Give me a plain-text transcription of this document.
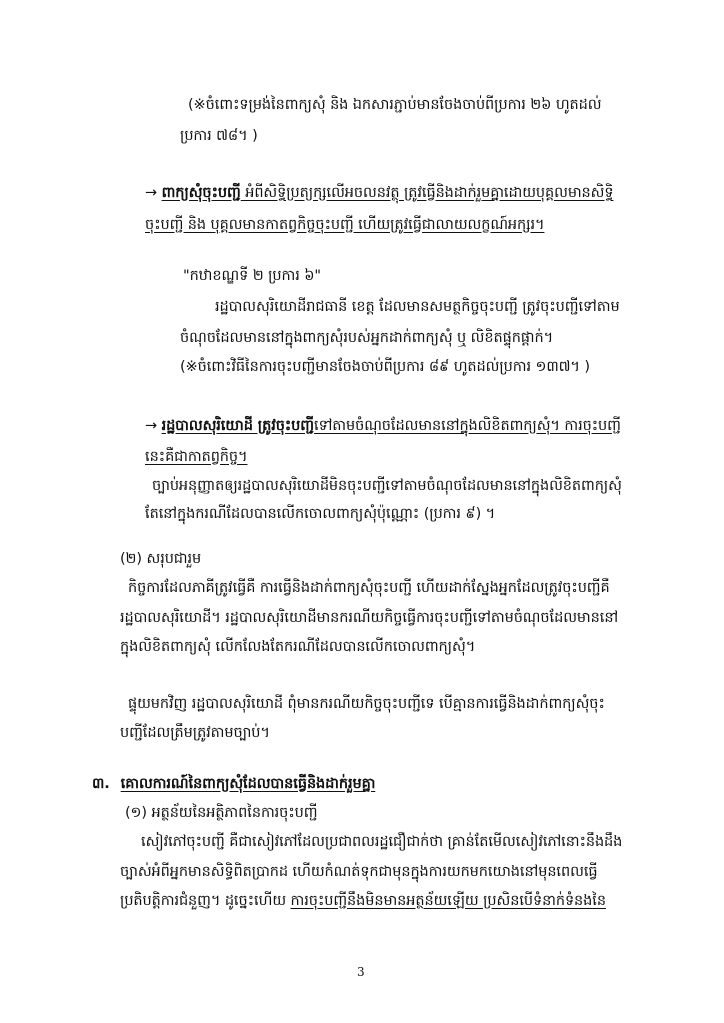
(※ចំពោះទម្រង់នៃពាក្យសុំ និង ឯកសារភ្ជាប់មានចែងចាប់ពីប្រការ ២៦ ហូតដល់
ប្រការ ៧៨។ )
→ ពាក្យសុំចុះបញ្ជី អំពីសិទ្ធិប្រត្យក្សលើអចលនវត្ថុ ត្រូវធ្វើនិងដាក់រួមគ្នាដោយបុគ្គលមានសិទ្ធិ
ចុះបញ្ជី និង បុគ្គលមានកាតព្វកិច្ចចុះបញ្ជី ហើយត្រូវធ្វើជាលាយលក្ខណ៍អក្សរ។
"កឋាខណ្ឌទី ២ ប្រការ ៦"
រដ្ឋបាលសុរិយោដីរាជធានី ខេត្ត ដែលមានសមត្ថកិច្ចចុះបញ្ជី ត្រូវចុះបញ្ជីទៅតាម
ចំណុចដែលមាននៅក្នុងពាក្យសុំរបស់អ្នកដាក់ពាក្យសុំ ឬ លិខិតផ្ទុកផ្តាក់។
(※ចំពោះវិធីនៃការចុះបញ្ជីមានចែងចាប់ពីប្រការ ៨៩ ហូតដល់ប្រការ ១៣៧។ )
→ រដ្ឋបាលសុរិយោដី ត្រូវចុះបញ្ជីទៅតាមចំណុចដែលមាននៅក្នុងលិខិតពាក្យសុំ។ ការចុះបញ្ជី
នេះគឺជាកាតព្វកិច្ច។
ច្បាប់អនុញ្ញាតឲ្យរដ្ឋបាលសុរិយោដីមិនចុះបញ្ជីទៅតាមចំណុចដែលមាននៅក្នុងលិខិតពាក្យសុំ
តែនៅក្នុងករណីដែលបានលើកចោលពាក្យសុំប៉ុណ្ណោះ (ប្រការ ៩) ។
(២) សរុបជារួម
កិច្ចការដែលភាគីត្រូវធ្វើគឺ ការធ្វើនិងដាក់ពាក្យសុំចុះបញ្ជី ហើយដាក់ស្នែងអ្នកដែលត្រូវចុះបញ្ជីគឺ
រដ្ឋបាលសុរិយោដី។ រដ្ឋបាលសុរិយោដីមានករណីយកិច្ចធ្វើការចុះបញ្ជីទៅតាមចំណុចដែលមាននៅ
ក្នុងលិខិតពាក្យសុំ លើកលែងតែករណីដែលបានលើកចោលពាក្យសុំ។
ផ្ទុយមកវិញ រដ្ឋបាលសុរិយោដី ពុំមានករណីយកិច្ចចុះបញ្ជីទេ បើគ្មានការធ្វើនិងដាក់ពាក្យសុំចុះ
បញ្ជីដែលត្រឹមត្រូវតាមច្បាប់។
៣. គោលការណ៍នៃពាក្យសុំដែលបានធ្វើនិងដាក់រួមគ្នា
(១) អត្ថន័យនៃអត្ថិភាពនៃការចុះបញ្ជី
សៀវភៅចុះបញ្ជី គឺជាសៀវភៅដែលប្រជាពលរដ្ឋជឿជាក់ថា គ្រាន់តែមើលសៀវភៅនោះនឹងដឹង
ច្បាស់អំពីអ្នកមានសិទ្ធិពិតប្រាកដ ហើយកំណត់ទុកជាមុនក្នុងការយកមកយោងនៅមុនពេលធ្វើ
ប្រតិបត្តិការជំនួញ។ ដូច្នេះហើយ ការចុះបញ្ជីនឹងមិនមានអត្ថន័យឡើយ ប្រសិនបើទំនាក់ទំនងនៃ
3
